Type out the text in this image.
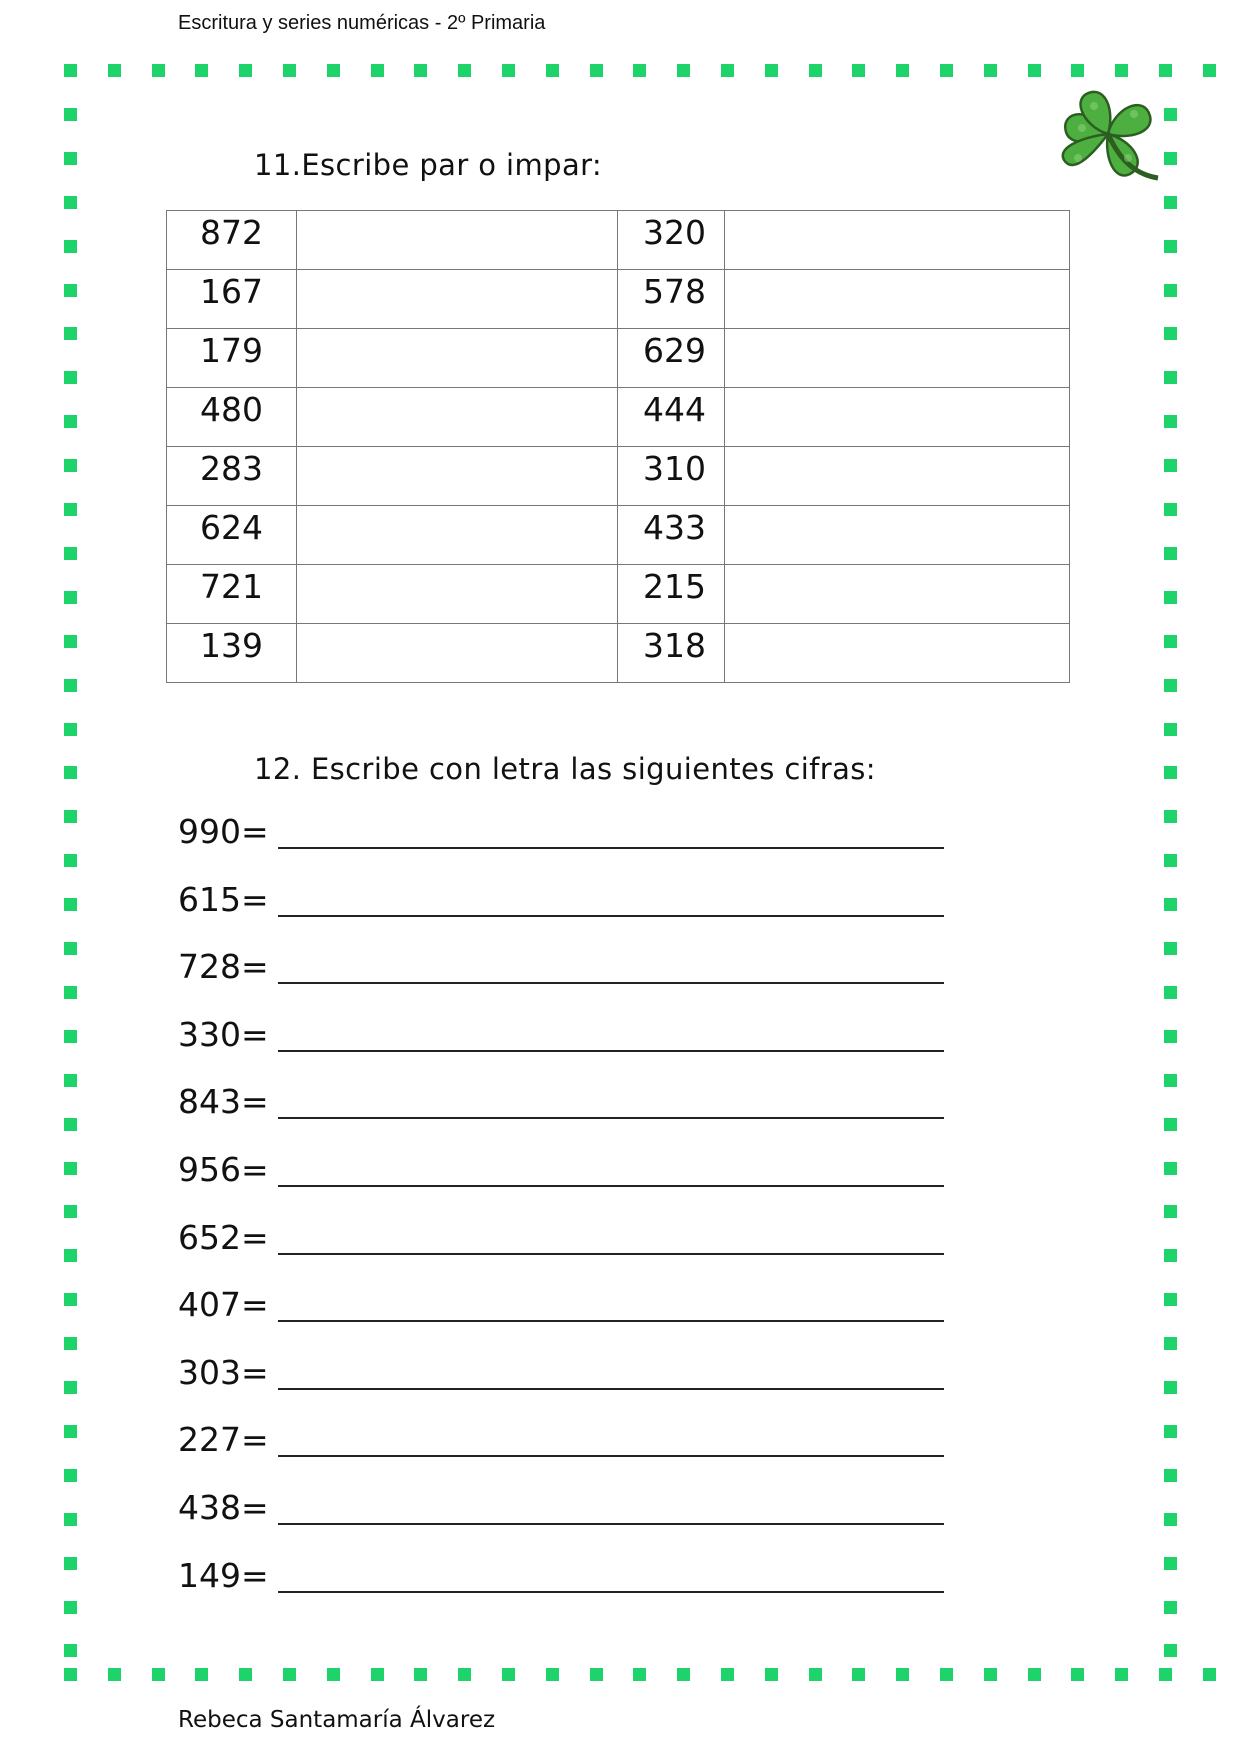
Escritura y series numéricas - 2º Primaria
11.Escribe par o impar:
872		320	
167		578	
179		629	
480		444	
283		310	
624		433	
721		215	
139		318	
12. Escribe con letra las siguientes cifras:
990=
615=
728=
330=
843=
956=
652=
407=
303=
227=
438=
149=
Rebeca Santamaría Álvarez
